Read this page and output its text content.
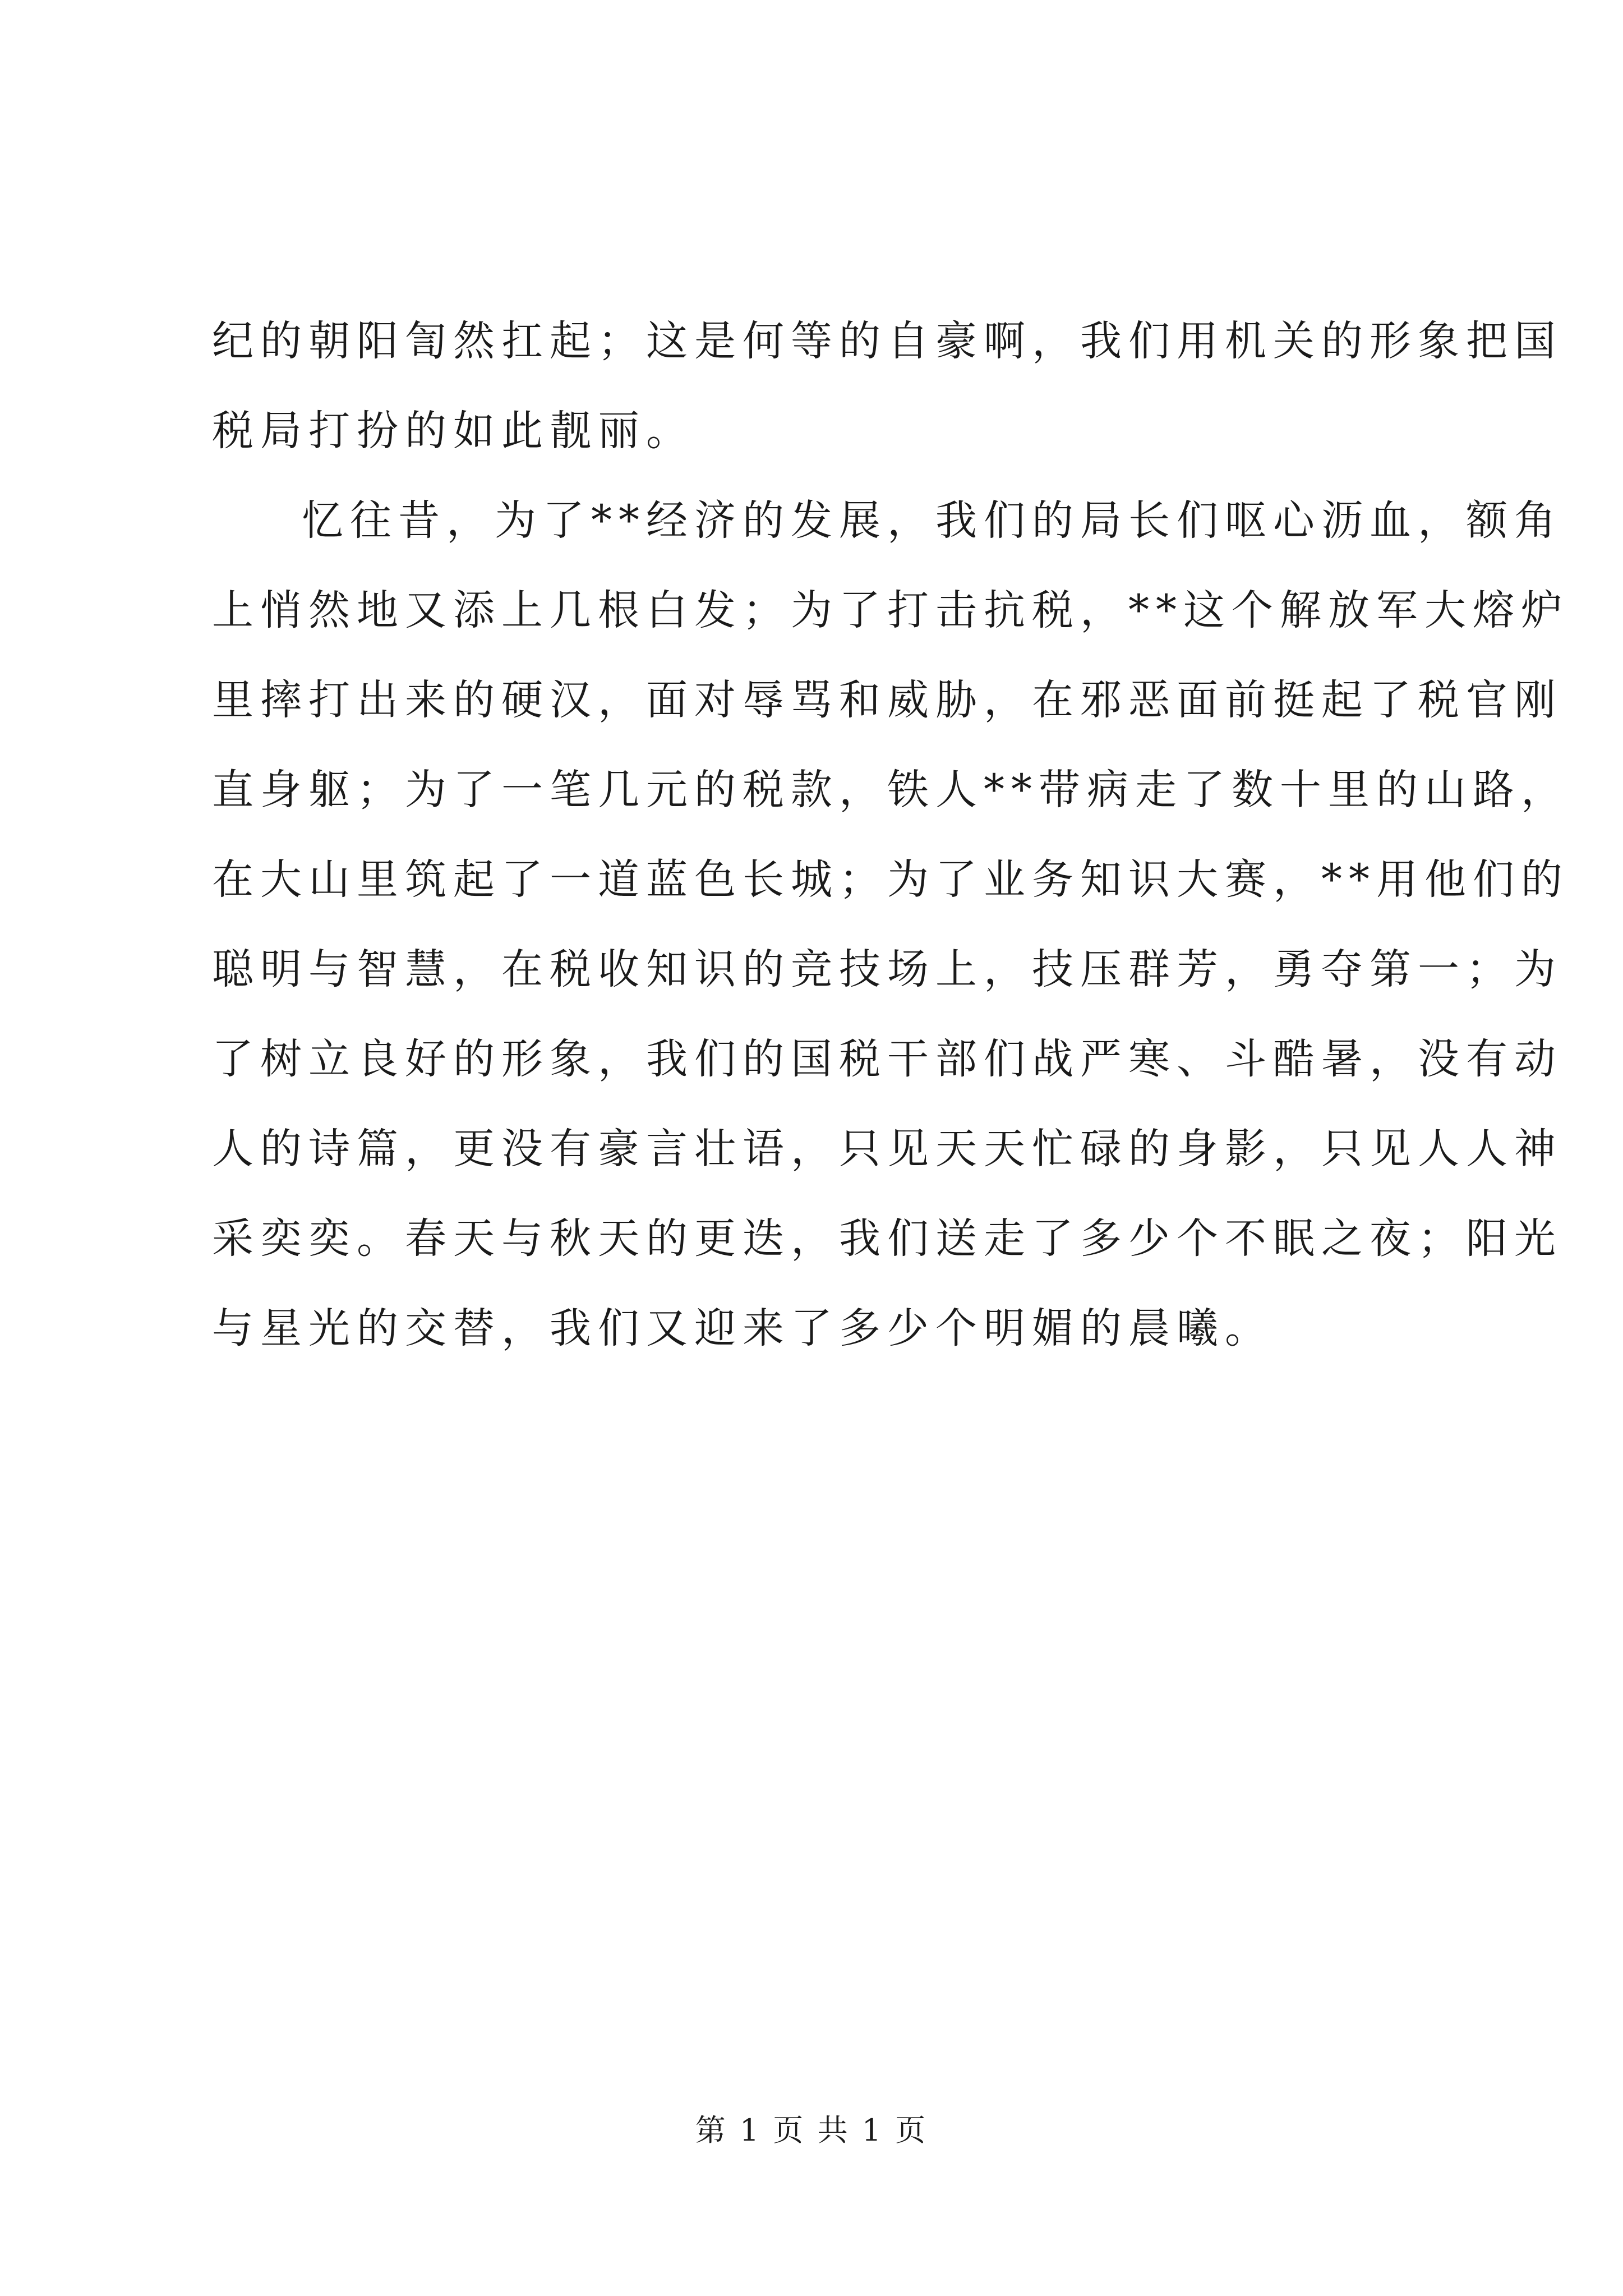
纪的朝阳訇然扛起；这是何等的自豪啊，我们用机关的形象把国
税局打扮的如此靓丽。
忆往昔，为了**经济的发展，我们的局长们呕心沥血，额角
上悄然地又添上几根白发；为了打击抗税，**这个解放军大熔炉
里摔打出来的硬汉，面对辱骂和威胁，在邪恶面前挺起了税官刚
直身躯；为了一笔几元的税款，铁人**带病走了数十里的山路，
在大山里筑起了一道蓝色长城；为了业务知识大赛，**用他们的
聪明与智慧，在税收知识的竞技场上，技压群芳，勇夺第一；为
了树立良好的形象，我们的国税干部们战严寒、斗酷暑，没有动
人的诗篇，更没有豪言壮语，只见天天忙碌的身影，只见人人神
采奕奕。春天与秋天的更迭，我们送走了多少个不眠之夜；阳光
与星光的交替，我们又迎来了多少个明媚的晨曦。
第 1 页 共 1 页
